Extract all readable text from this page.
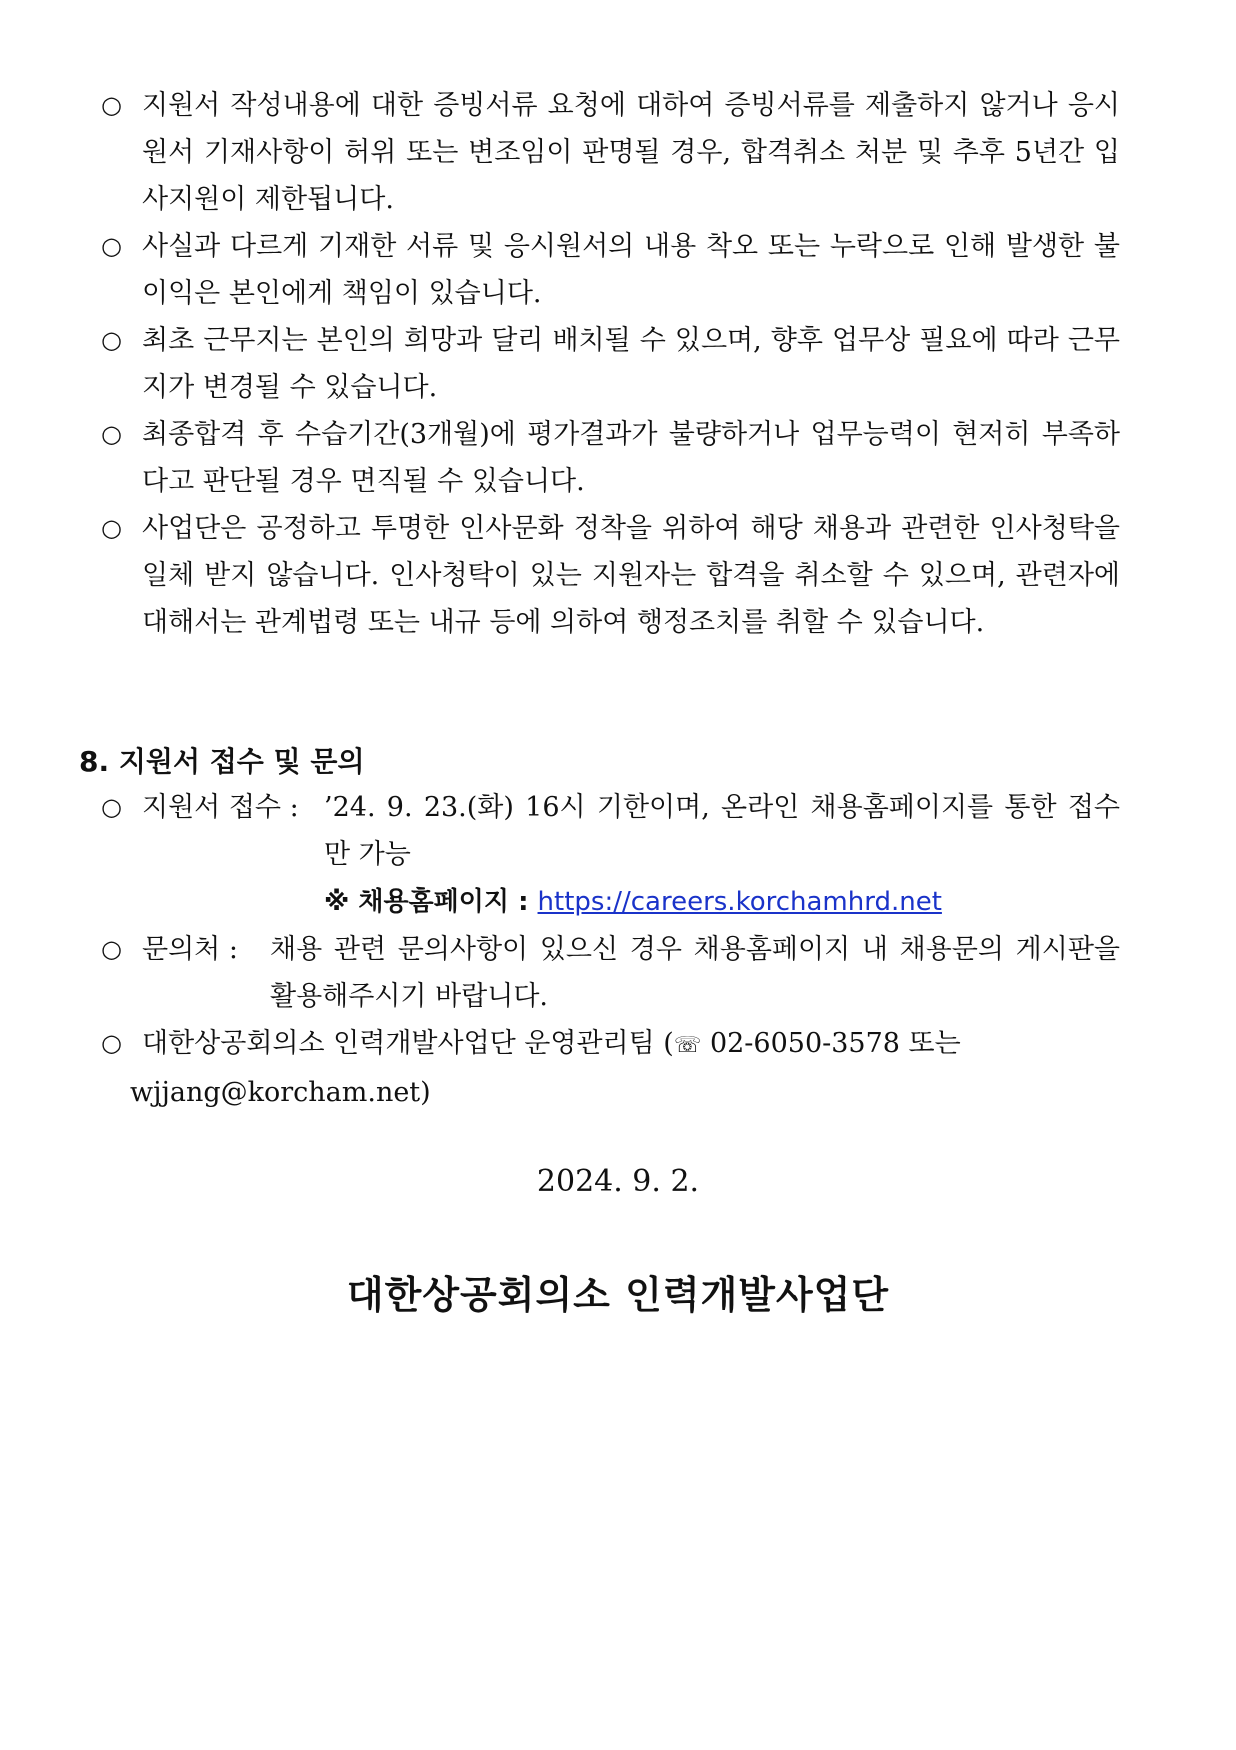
○ 지원서 작성내용에 대한 증빙서류 요청에 대하여 증빙서류를 제출하지 않거나 응시원서 기재사항이 허위 또는 변조임이 판명될 경우, 합격취소 처분 및 추후 5년간 입사지원이 제한됩니다.
○ 사실과 다르게 기재한 서류 및 응시원서의 내용 착오 또는 누락으로 인해 발생한 불이익은 본인에게 책임이 있습니다.
○ 최초 근무지는 본인의 희망과 달리 배치될 수 있으며, 향후 업무상 필요에 따라 근무지가 변경될 수 있습니다.
○ 최종합격 후 수습기간(3개월)에 평가결과가 불량하거나 업무능력이 현저히 부족하다고 판단될 경우 면직될 수 있습니다.
○ 사업단은 공정하고 투명한 인사문화 정착을 위하여 해당 채용과 관련한 인사청탁을 일체 받지 않습니다. 인사청탁이 있는 지원자는 합격을 취소할 수 있으며, 관련자에 대해서는 관계법령 또는 내규 등에 의하여 행정조치를 취할 수 있습니다.
8. 지원서 접수 및 문의
○ 지원서 접수 :’24. 9. 23.(화) 16시 기한이며, 온라인 채용홈페이지를 통한 접수만 가능
※ 채용홈페이지 : https://careers.korchamhrd.net
○ 문의처 :채용 관련 문의사항이 있으신 경우 채용홈페이지 내 채용문의 게시판을 활용해주시기 바랍니다.
○ 대한상공회의소 인력개발사업단 운영관리팀 (☏ 02-6050-3578 또는
wjjang@korcham.net)
2024. 9. 2.
대한상공회의소 인력개발사업단
